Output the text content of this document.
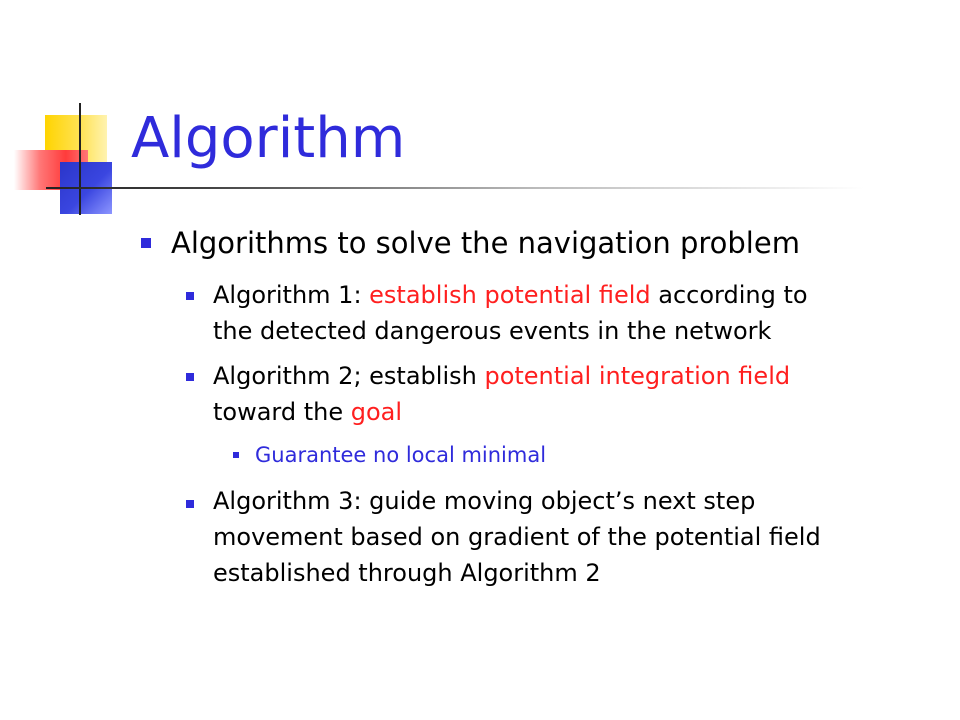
Algorithm
Algorithms to solve the navigation problem
Algorithm 1: establish potential field according to
the detected dangerous events in the network
Algorithm 2; establish potential integration field
toward the goal
Guarantee no local minimal
Algorithm 3: guide moving object’s next step
movement based on gradient of the potential field
established through Algorithm 2
